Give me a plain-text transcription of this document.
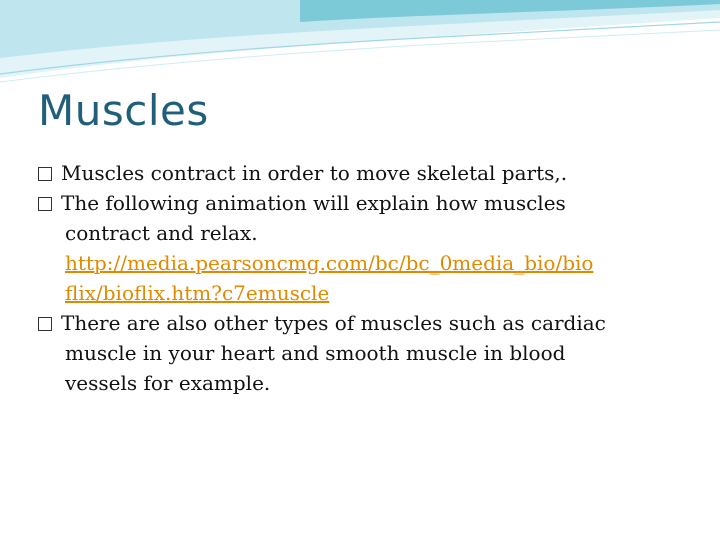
Muscles
Muscles contract in order to move skeletal parts,.
The following animation will explain how muscles
contract and relax.
http://media.pearsoncmg.com/bc/bc_0media_bio/bio
flix/bioflix.htm?c7emuscle
There are also other types of muscles such as cardiac
muscle in your heart and smooth muscle in blood
vessels for example.
